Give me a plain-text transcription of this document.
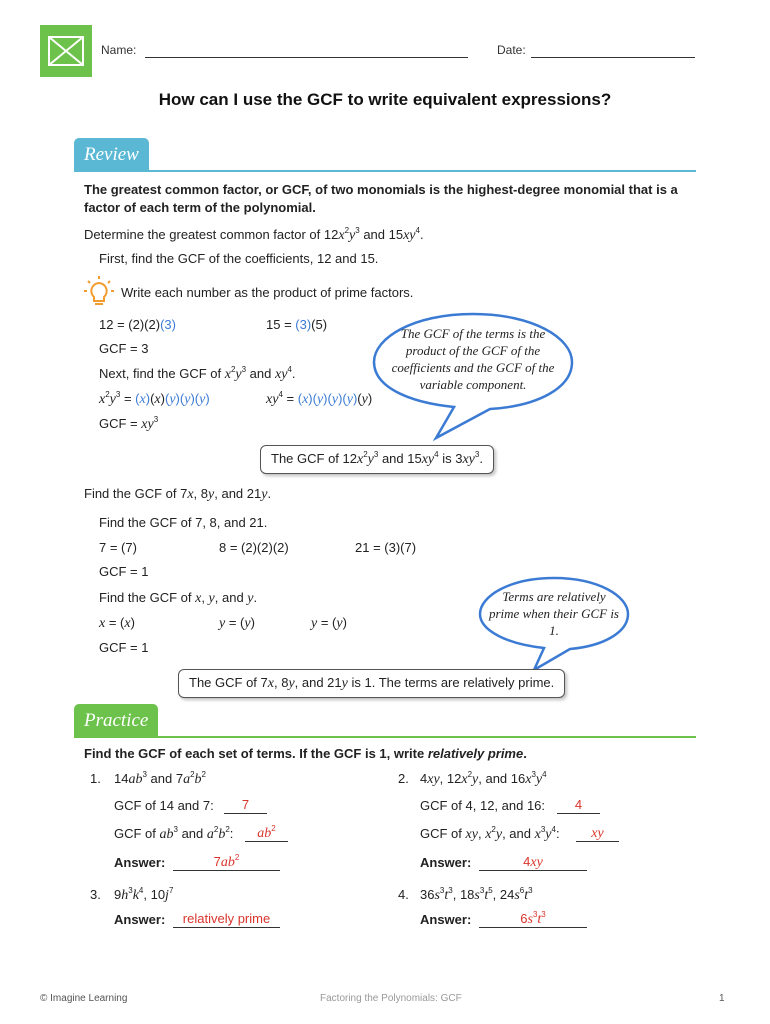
Name:	Date:
How can I use the GCF to write equivalent expressions?
Review
The greatest common factor, or GCF, of two monomials is the highest-degree monomial that is a factor of each term of the polynomial.
Determine the greatest common factor of $12x^2y^3$ and $15xy^4$.
First, find the GCF of the coefficients, 12 and 15.
Write each number as the product of prime factors.
12 = (2)(2)(3)	15 = (3)(5)
GCF = 3
Next, find the GCF of $x^2y^3$ and $xy^4$.
$x^2y^3 = (x)(x)(y)(y)(y)$	$xy^4 = (x)(y)(y)(y)(y)$
GCF = $xy^3$
The GCF of the terms is the product of the GCF of the coefficients and the GCF of the variable component.
The GCF of $12x^2y^3$ and $15xy^4$ is $3xy^3$.
Find the GCF of 7x, 8y, and 21y.
Find the GCF of 7, 8, and 21.
7 = (7)	8 = (2)(2)(2)	21 = (3)(7)
GCF = 1
Find the GCF of x, y, and y.
x = (x)	y = (y)	y = (y)
GCF = 1
Terms are relatively prime when their GCF is 1.
The GCF of 7x, 8y, and 21y is 1. The terms are relatively prime.
Practice
Find the GCF of each set of terms. If the GCF is 1, write relatively prime.
1. $14ab^3$ and $7a^2b^2$
GCF of 14 and 7:	7
GCF of $ab^3$ and $a^2b^2$:	$ab^2$
Answer:	$7ab^2$
2. 4xy, $12x^2y$, and $16x^3y^4$
GCF of 4, 12, and 16:	4
GCF of xy, $x^2y$, and $x^3y^4$:	xy
Answer:	4xy
3. $9h^3k^4$, $10j^7$
Answer:	relatively prime
4. $36s^3t^3$, $18s^3t^5$, $24s^6t^3$
Answer:	$6s^3t^3$
© Imagine Learning	Factoring the Polynomials: GCF	1
